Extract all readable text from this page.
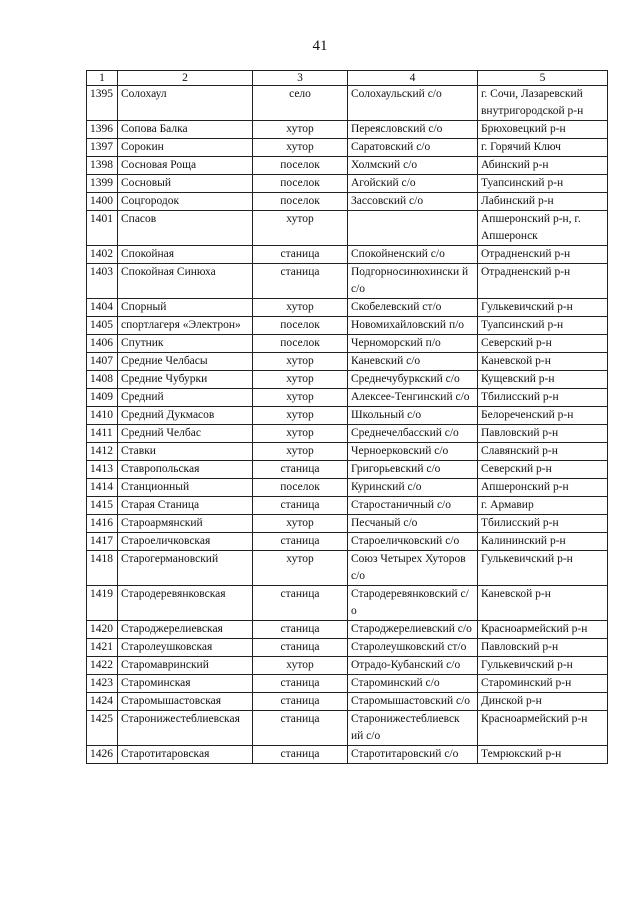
41
1	2	3	4	5
1395	Солохаул	село	Солохаульский с/о	г. Сочи, Лазаревский внутригородской р-н
1396	Сопова Балка	хутор	Переясловский с/о	Брюховецкий р-н
1397	Сорокин	хутор	Саратовский с/о	г. Горячий Ключ
1398	Сосновая Роща	поселок	Холмский с/о	Абинский р-н
1399	Сосновый	поселок	Агойский с/о	Туапсинский р-н
1400	Соцгородок	поселок	Зассовский с/о	Лабинский р-н
1401	Спасов	хутор		Апшеронский р-н, г. Апшеронск
1402	Спокойная	станица	Спокойненский с/о	Отрадненский р-н
1403	Спокойная Синюха	станица	Подгорносинюхински й с/о	Отрадненский р-н
1404	Спорный	хутор	Скобелевский ст/о	Гулькевичский р-н
1405	спортлагеря «Электрон»	поселок	Новомихайловский п/о	Туапсинский р-н
1406	Спутник	поселок	Черноморский п/о	Северский р-н
1407	Средние Челбасы	хутор	Каневский с/о	Каневской р-н
1408	Средние Чубурки	хутор	Среднечубуркский с/о	Кущевский р-н
1409	Средний	хутор	Алексее-Тенгинский с/о	Тбилисский р-н
1410	Средний Дукмасов	хутор	Школьный с/о	Белореченский р-н
1411	Средний Челбас	хутор	Среднечелбасский с/о	Павловский р-н
1412	Ставки	хутор	Черноерковский с/о	Славянский р-н
1413	Ставропольская	станица	Григорьевский с/о	Северский р-н
1414	Станционный	поселок	Куринский с/о	Апшеронский р-н
1415	Старая Станица	станица	Старостаничный с/о	г. Армавир
1416	Староармянский	хутор	Песчаный с/о	Тбилисский р-н
1417	Староеличковская	станица	Староеличковский с/о	Калининский р-н
1418	Старогермановский	хутор	Союз Четырех Хуторов с/о	Гулькевичский р-н
1419	Стародеревянковская	станица	Стародеревянковский с/о	Каневской р-н
1420	Староджерелиевская	станица	Староджерелиевский с/о	Красноармейский р-н
1421	Старолеушковская	станица	Старолеушковский ст/о	Павловский р-н
1422	Старомавринский	хутор	Отрадо-Кубанский с/о	Гулькевичский р-н
1423	Староминская	станица	Староминский с/о	Староминский р-н
1424	Старомышастовская	станица	Старомышастовский с/о	Динской р-н
1425	Старонижестеблиевская	станица	Старонижестеблиевск ий с/о	Красноармейский р-н
1426	Старотитаровская	станица	Старотитаровский с/о	Темрюкский р-н
